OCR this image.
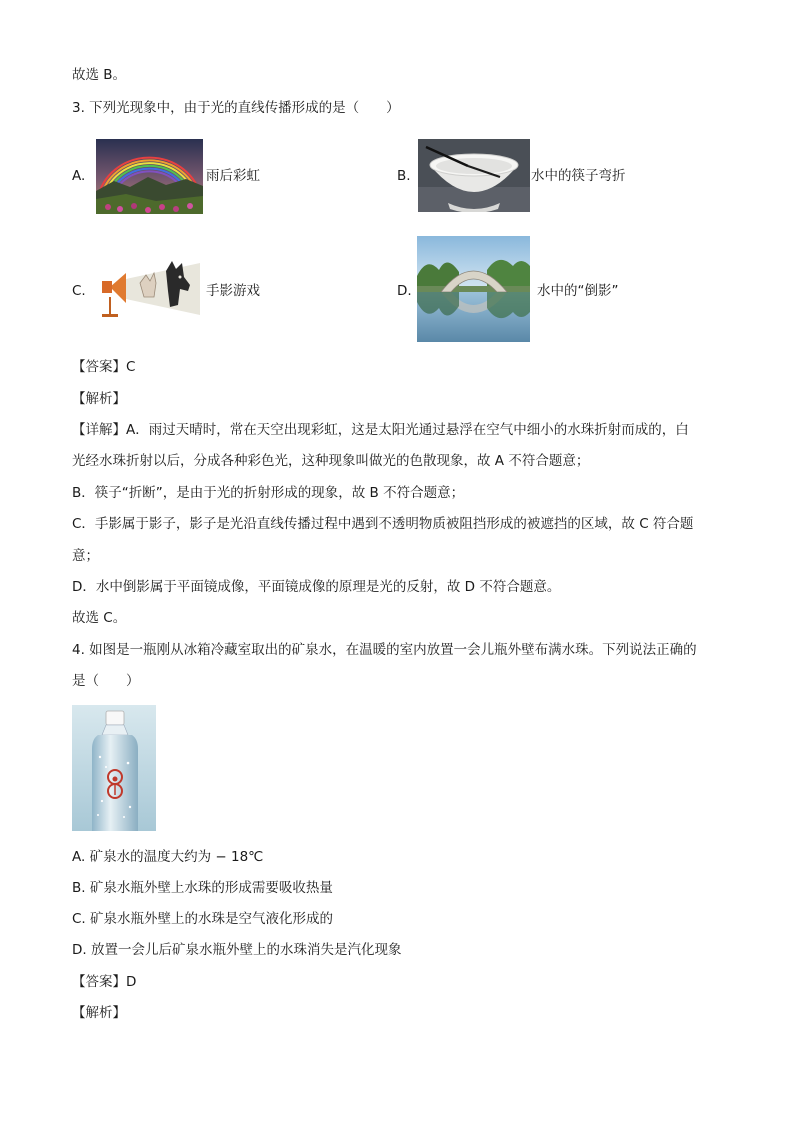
故选 B。
3. 下列光现象中，由于光的直线传播形成的是（　　）
A.	雨后彩虹	B.	水中的筷子弯折
C.	手影游戏	D.	水中的“倒影”
【答案】C
【解析】
【详解】A．雨过天晴时，常在天空出现彩虹，这是太阳光通过悬浮在空气中细小的水珠折射而成的，白
光经水珠折射以后，分成各种彩色光，这种现象叫做光的色散现象，故 A 不符合题意；
B．筷子“折断”，是由于光的折射形成的现象，故 B 不符合题意；
C．手影属于影子，影子是光沿直线传播过程中遇到不透明物质被阻挡形成的被遮挡的区域，故 C 符合题
意；
D．水中倒影属于平面镜成像，平面镜成像的原理是光的反射，故 D 不符合题意。
故选 C。
4. 如图是一瓶刚从冰箱冷藏室取出的矿泉水，在温暖的室内放置一会儿瓶外壁布满水珠。下列说法正确的
是（　　）
A. 矿泉水的温度大约为 − 18℃
B. 矿泉水瓶外壁上水珠的形成需要吸收热量
C. 矿泉水瓶外壁上的水珠是空气液化形成的
D. 放置一会儿后矿泉水瓶外壁上的水珠消失是汽化现象
【答案】D
【解析】
